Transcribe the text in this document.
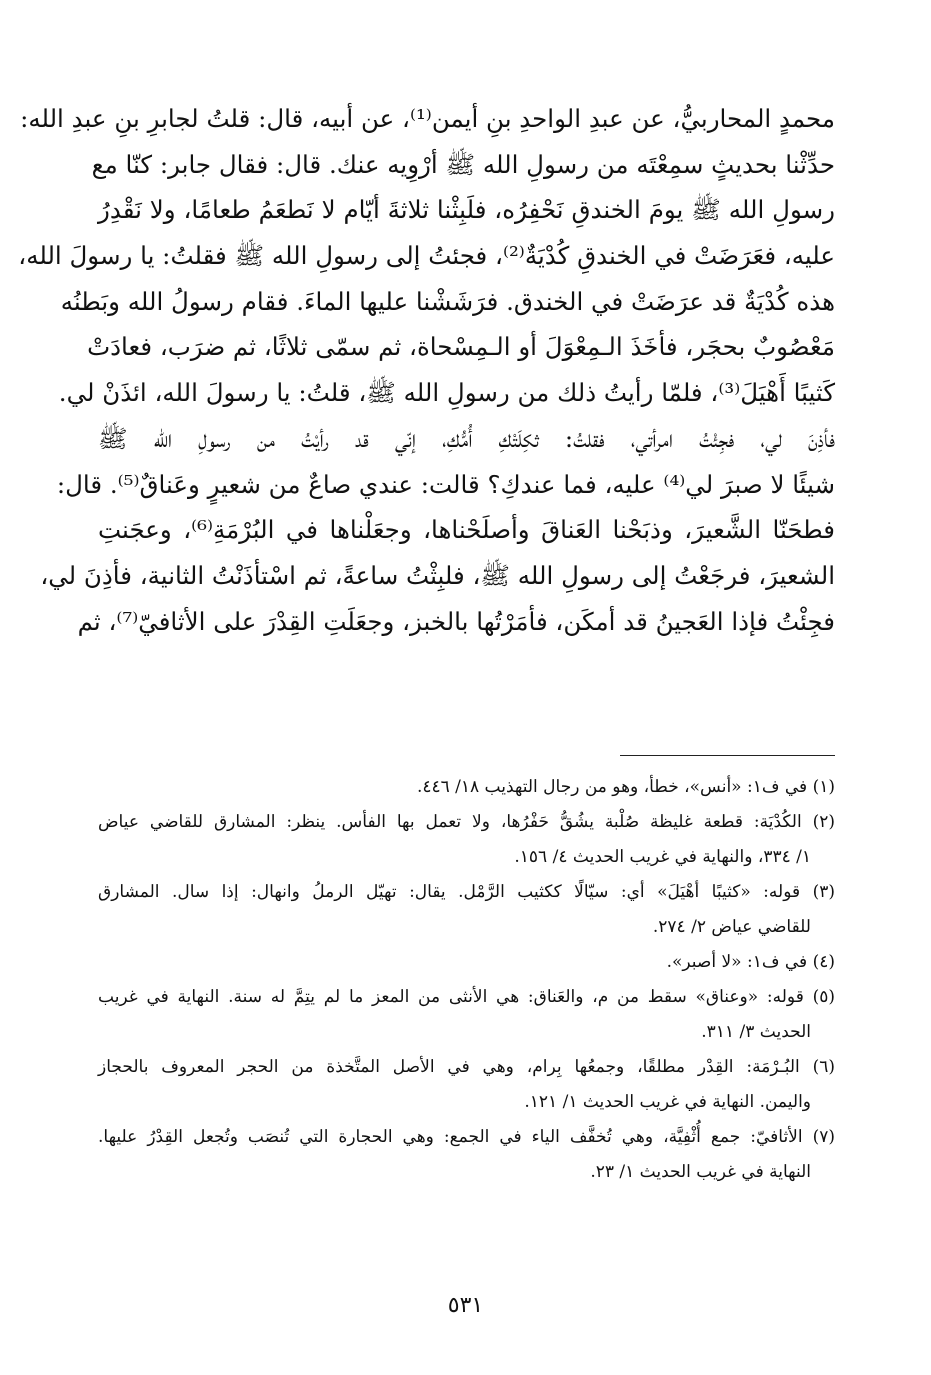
محمدٍ المحاربيُّ، عن عبدِ الواحدِ بنِ أيمن⁽¹⁾، عن أبيه، قال: قلتُ لجابرِ بنِ عبدِ الله:
حدِّثْنا بحديثٍ سمِعْتَه من رسولِ الله ﷺ أرْوِيه عنك. قال: فقال جابر: كنّا مع
رسولِ الله ﷺ يومَ الخندقِ نَحْفِرُه، فلَبِثْنا ثلاثةَ أيّام لا نَطعَمُ طعامًا، ولا نَقْدِرُ
عليه، فعَرَضَتْ في الخندقِ كُدْيَةٌ⁽²⁾، فجئتُ إلى رسولِ الله ﷺ فقلتُ: يا رسولَ الله،
هذه كُدْيَةٌ قد عرَضَتْ في الخندق. فرَشَشْنا عليها الماءَ. فقام رسولُ الله وبَطنُه
مَعْصُوبٌ بحجَر، فأخَذَ الـمِعْوَلَ أو الـمِسْحاة، ثم سمّى ثلاثًا، ثم ضرَب، فعادَتْ
كَثيبًا أَهْيَلَ⁽³⁾، فلمّا رأيتُ ذلك من رسولِ الله ﷺ، قلتُ: يا رسولَ الله، ائذَنْ لي.
فأذِنَ لي، فجِئْتُ امرأتي، فقلتُ: ثكِلَتْكِ أُمُّكِ، إنّي قد رأيْتُ من رسولِ الله ﷺ
شيئًا لا صبرَ لي⁽⁴⁾ عليه، فما عندكِ؟ قالت: عندي صاعٌ من شعيرٍ وعَناقٌ⁽⁵⁾. قال:
فطحَنّا الشَّعيرَ، وذبَحْنا العَناقَ وأصلَحْناها، وجعَلْناها في البُرْمَةِ⁽⁶⁾، وعجَنتِ
الشعيرَ، فرجَعْتُ إلى رسولِ الله ﷺ، فلبِثْتُ ساعةً، ثم اسْتأذَنْتُ الثانية، فأذِنَ لي،
فجِئْتُ فإذا العَجينُ قد أمكَن، فأمَرْتُها بالخبز، وجعَلَتِ القِدْرَ على الأثافيّ⁽⁷⁾، ثم
(١) في ف١: «أنس»، خطأ، وهو من رجال التهذيب ١٨/ ٤٤٦.
(٢) الكُدْيَة: قطعة غليظة صُلْبة يشُقُّ حَفْرُها، ولا تعمل بها الفأس. ينظر: المشارق للقاضي عياض
١/ ٣٣٤، والنهاية في غريب الحديث ٤/ ١٥٦.
(٣) قوله: «كثيبًا أهْيَلَ» أي: سيّالًا ككثيب الرَّمْل. يقال: تهيّل الرملُ وانهال: إذا سال. المشارق
للقاضي عياض ٢/ ٢٧٤.
(٤) في ف١: «لا أصبر».
(٥) قوله: «وعناق» سقط من م، والعَناق: هي الأنثى من المعز ما لم يتِمَّ له سنة. النهاية في غريب
الحديث ٣/ ٣١١.
(٦) البُـرْمَة: القِدْر مطلقًا، وجمعُها بِرام، وهي في الأصل المتَّخذة من الحجر المعروف بالحجاز
واليمن. النهاية في غريب الحديث ١/ ١٢١.
(٧) الأثافيّ: جمع أُثْفِيَّة، وهي تُخفَّف الياء في الجمع: وهي الحجارة التي تُنصَب وتُجعل القِدْرُ عليها.
النهاية في غريب الحديث ١/ ٢٣.
٥٣١
